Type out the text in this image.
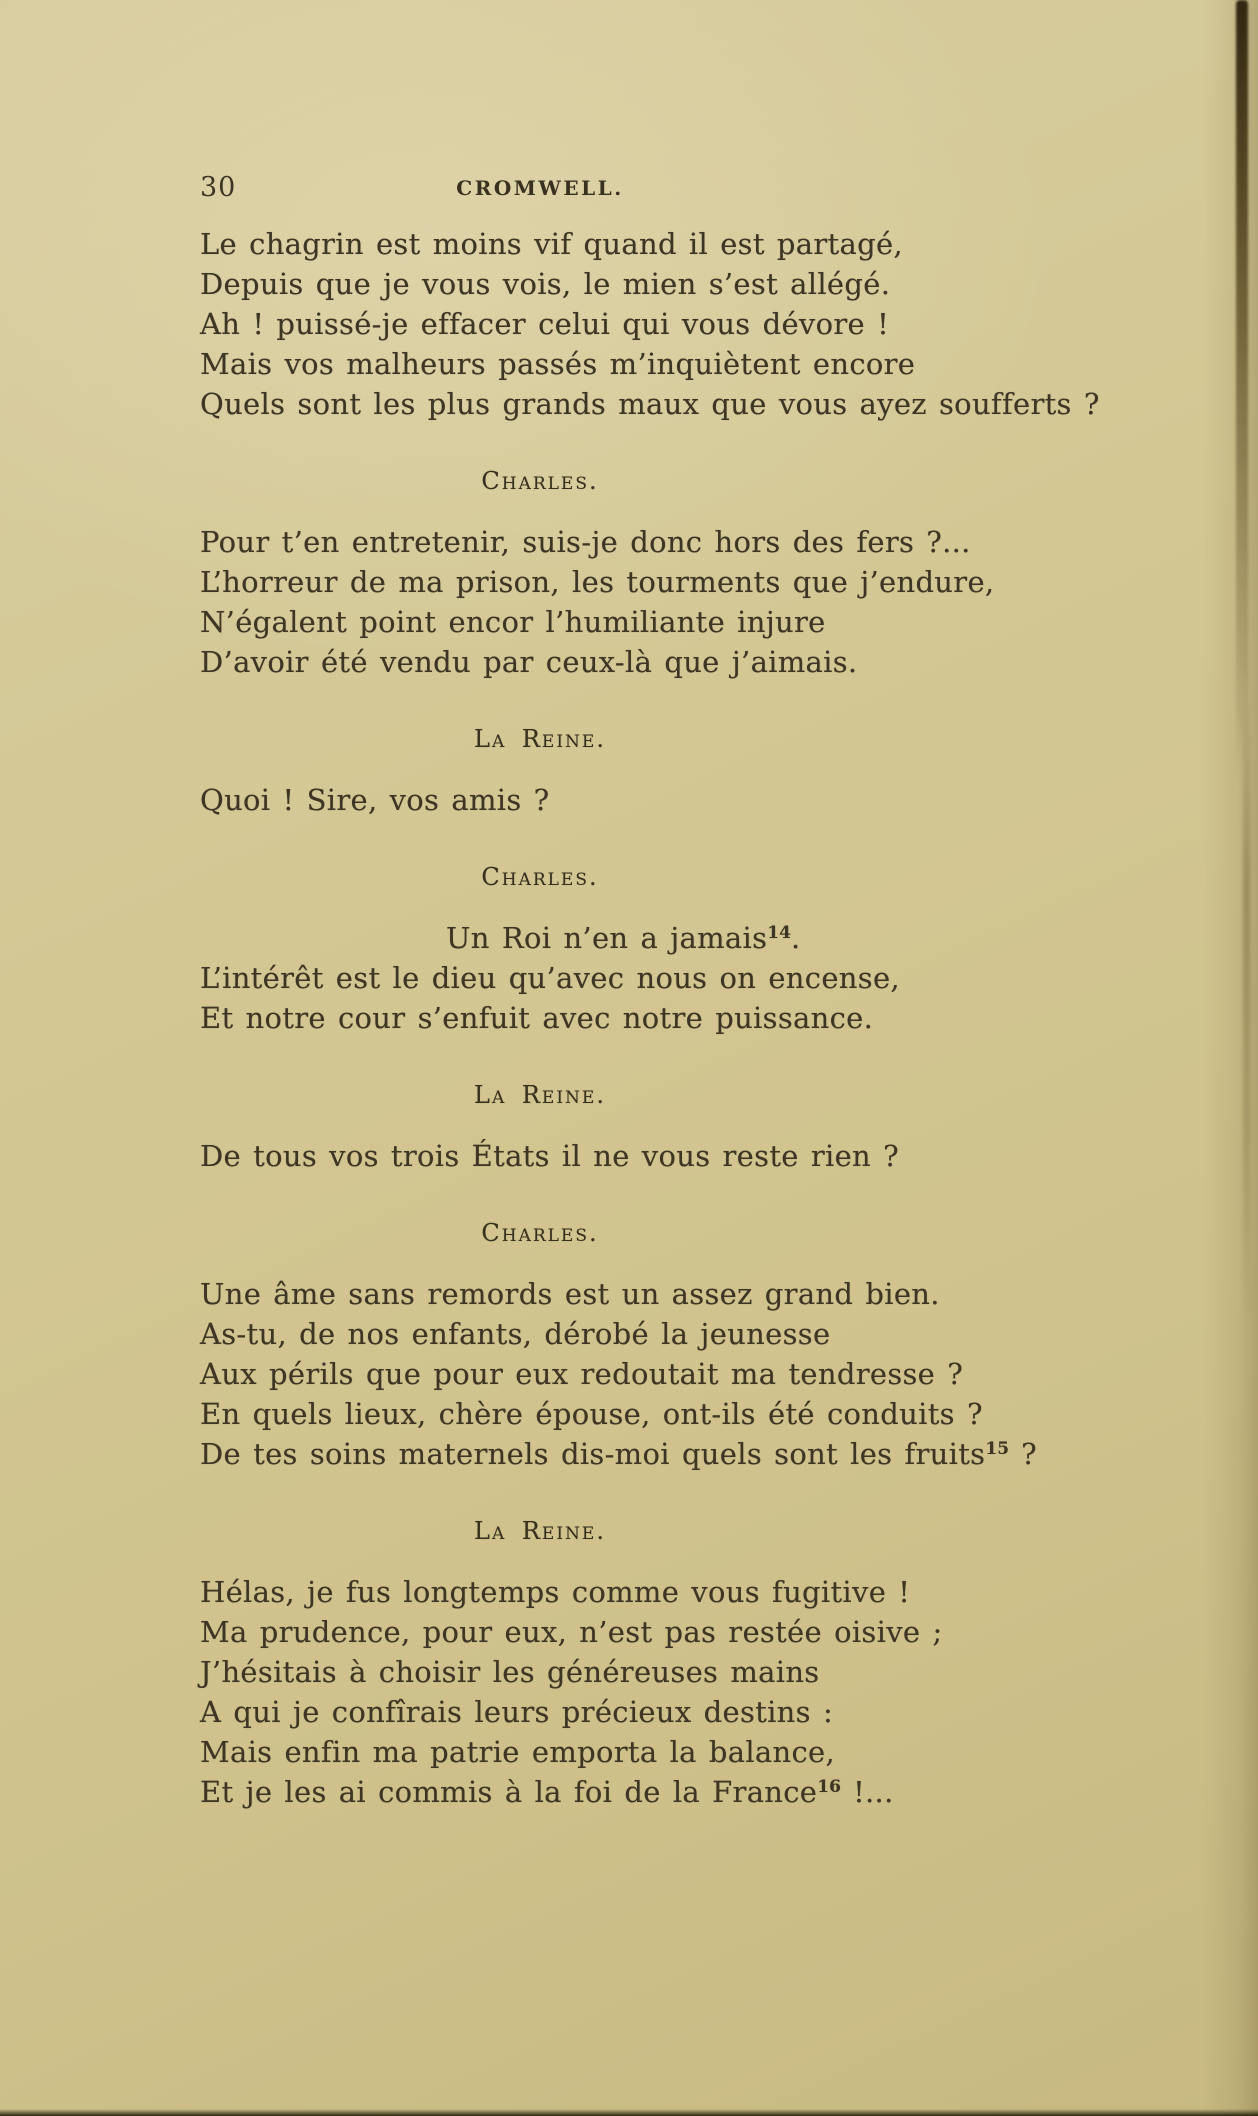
30	CROMWELL.
Le chagrin est moins vif quand il est partagé,
Depuis que je vous vois, le mien s’est allégé.
Ah ! puissé-je effacer celui qui vous dévore !
Mais vos malheurs passés m’inquiètent encore
Quels sont les plus grands maux que vous ayez soufferts ?
Charles.
Pour t’en entretenir, suis-je donc hors des fers ?...
L’horreur de ma prison, les tourments que j’endure,
N’égalent point encor l’humiliante injure
D’avoir été vendu par ceux-là que j’aimais.
La Reine.
Quoi ! Sire, vos amis ?
Charles.
Un Roi n’en a jamais$^{14}$.
L’intérêt est le dieu qu’avec nous on encense,
Et notre cour s’enfuit avec notre puissance.
La Reine.
De tous vos trois États il ne vous reste rien ?
Charles.
Une âme sans remords est un assez grand bien.
As-tu, de nos enfants, dérobé la jeunesse
Aux périls que pour eux redoutait ma tendresse ?
En quels lieux, chère épouse, ont-ils été conduits ?
De tes soins maternels dis-moi quels sont les fruits$^{15}$ ?
La Reine.
Hélas, je fus longtemps comme vous fugitive !
Ma prudence, pour eux, n’est pas restée oisive ;
J’hésitais à choisir les généreuses mains
A qui je confîrais leurs précieux destins :
Mais enfin ma patrie emporta la balance,
Et je les ai commis à la foi de la France$^{16}$ !...
